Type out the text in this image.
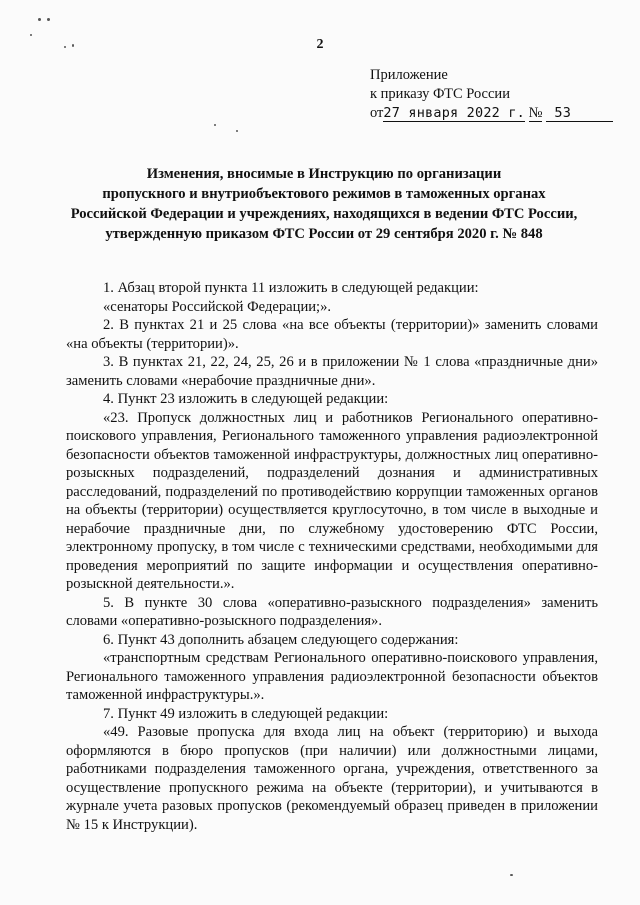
2
Приложение
к приказу ФТС России
от27 января 2022 г. № 53
Изменения, вносимые в Инструкцию по организации
пропускного и внутриобъектового режимов в таможенных органах
Российской Федерации и учреждениях, находящихся в ведении ФТС России,
утвержденную приказом ФТС России от 29 сентября 2020 г. № 848

1. Абзац второй пункта 11 изложить в следующей редакции:

«сенаторы Российской Федерации;».

2. В пунктах 21 и 25 слова «на все объекты (территории)» заменить словами «на объекты (территории)».

3. В пунктах 21, 22, 24, 25, 26 и в приложении № 1 слова «праздничные дни» заменить словами «нерабочие праздничные дни».

4. Пункт 23 изложить в следующей редакции:

«23. Пропуск должностных лиц и работников Регионального оперативно-поискового управления, Регионального таможенного управления радиоэлектронной безопасности объектов таможенной инфраструктуры, должностных лиц оперативно-розыскных подразделений, подразделений дознания и административных расследований, подразделений по противодействию коррупции таможенных органов на объекты (территории) осуществляется круглосуточно, в том числе в выходные и нерабочие праздничные дни, по служебному удостоверению ФТС России, электронному пропуску, в том числе с техническими средствами, необходимыми для проведения мероприятий по защите информации и осуществления оперативно-розыскной деятельности.».

5. В пункте 30 слова «оперативно-разыскного подразделения» заменить словами «оперативно-розыскного подразделения».

6. Пункт 43 дополнить абзацем следующего содержания:

«транспортным средствам Регионального оперативно-поискового управления, Регионального таможенного управления радиоэлектронной безопасности объектов таможенной инфраструктуры.».

7. Пункт 49 изложить в следующей редакции:

«49. Разовые пропуска для входа лиц на объект (территорию) и выхода оформляются в бюро пропусков (при наличии) или должностными лицами, работниками подразделения таможенного органа, учреждения, ответственного за осуществление пропускного режима на объекте (территории), и учитываются в журнале учета разовых пропусков (рекомендуемый образец приведен в приложении № 15 к Инструкции).
